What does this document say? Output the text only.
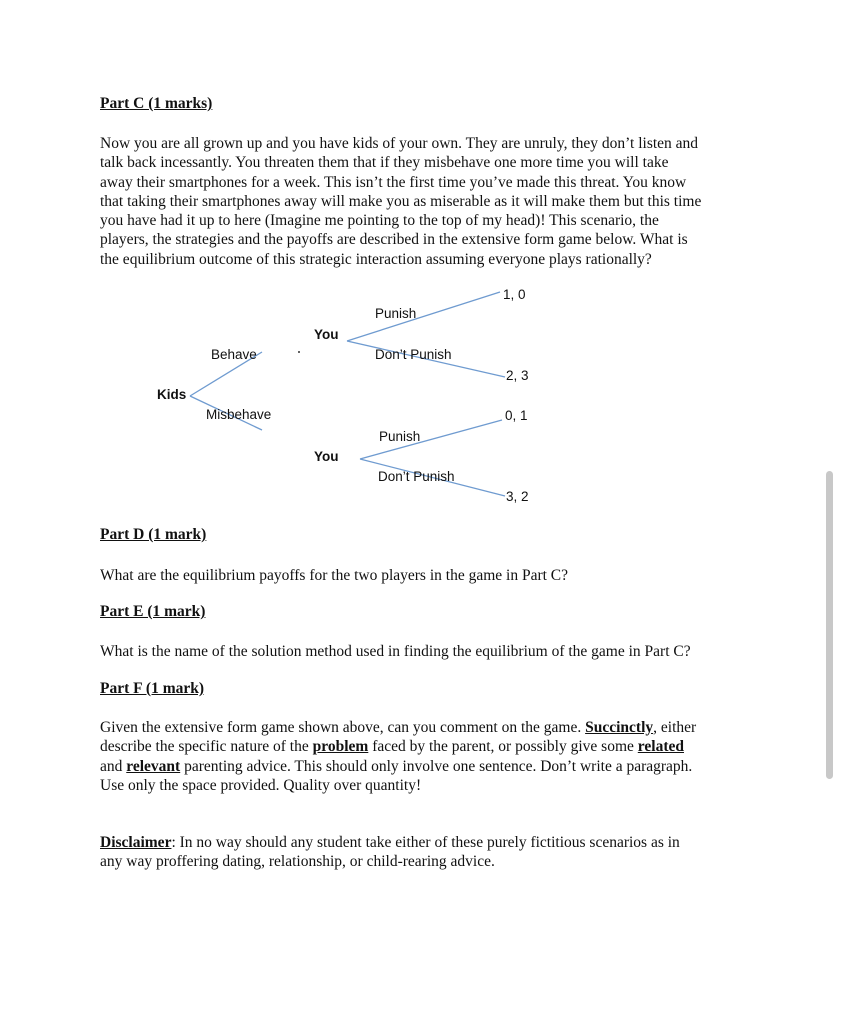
Part C (1 marks)
Now you are all grown up and you have kids of your own. They are unruly, they don’t listen and
talk back incessantly. You threaten them that if they misbehave one more time you will take
away their smartphones for a week. This isn’t the first time you’ve made this threat. You know
that taking their smartphones away will make you as miserable as it will make them but this time
you have had it up to here (Imagine me pointing to the top of my head)! This scenario, the
players, the strategies and the payoffs are described in the extensive form game below. What is
the equilibrium outcome of this strategic interaction assuming everyone plays rationally?
Kids
Behave
Misbehave
You
You
Punish
Don’t Punish
Punish
Don’t Punish
1, 0
2, 3
0, 1
3, 2
Part D (1 mark)
What are the equilibrium payoffs for the two players in the game in Part C?
Part E (1 mark)
What is the name of the solution method used in finding the equilibrium of the game in Part C?
Part F (1 mark)
Given the extensive form game shown above, can you comment on the game. Succinctly, either
describe the specific nature of the problem faced by the parent, or possibly give some related
and relevant parenting advice. This should only involve one sentence. Don’t write a paragraph.
Use only the space provided. Quality over quantity!
Disclaimer: In no way should any student take either of these purely fictitious scenarios as in
any way proffering dating, relationship, or child-rearing advice.
